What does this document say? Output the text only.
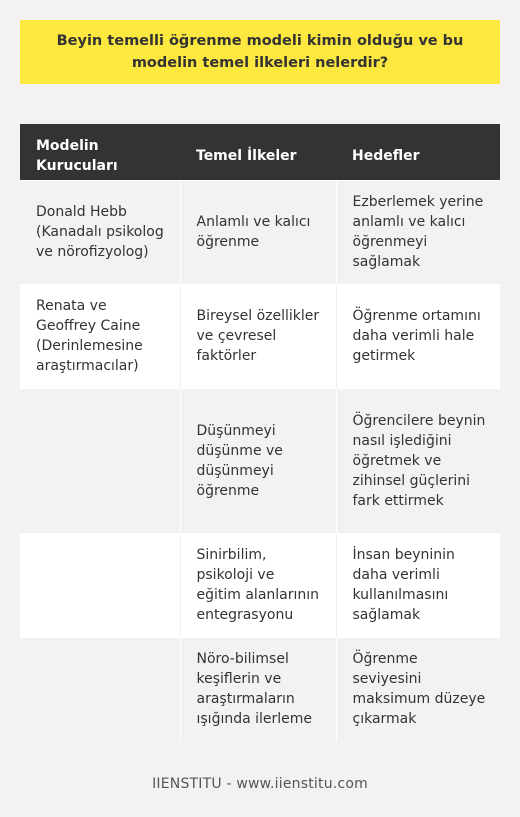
Beyin temelli öğrenme modeli kimin olduğu ve bu modelin temel ilkeleri nelerdir?
Modelin Kurucuları	Temel İlkeler	Hedefler
Donald Hebb (Kanadalı psikolog ve nörofizyolog)	Anlamlı ve kalıcı öğrenme	Ezberlemek yerine anlamlı ve kalıcı öğrenmeyi sağlamak
Renata ve Geoffrey Caine (Derinlemesine araştırmacılar)	Bireysel özellikler ve çevresel faktörler	Öğrenme ortamını daha verimli hale getirmek
	Düşünmeyi düşünme ve düşünmeyi öğrenme	Öğrencilere beynin nasıl işlediğini öğretmek ve zihinsel güçlerini fark ettirmek
	Sinirbilim, psikoloji ve eğitim alanlarının entegrasyonu	İnsan beyninin daha verimli kullanılmasını sağlamak
	Nöro-bilimsel keşiflerin ve araştırmaların ışığında ilerleme	Öğrenme seviyesini maksimum düzeye çıkarmak
IIENSTITU - www.iienstitu.com
